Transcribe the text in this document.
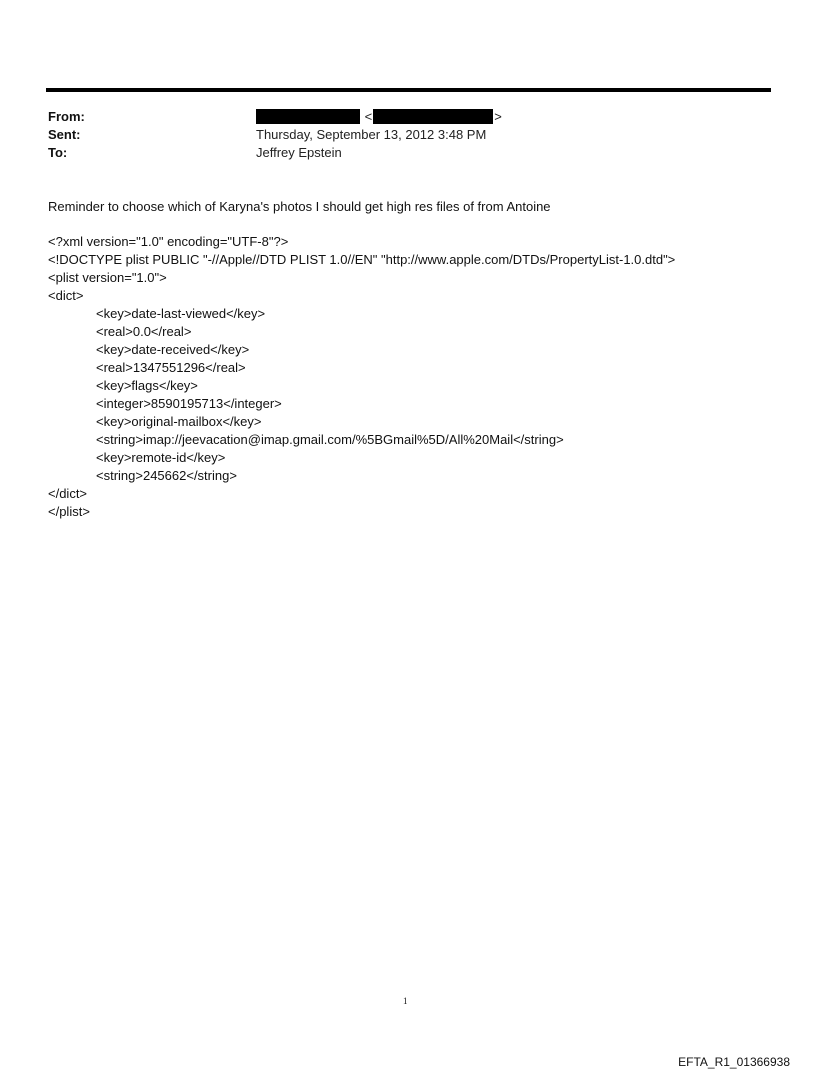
From:	<	>
Sent:	Thursday, September 13, 2012 3:48 PM
To:	Jeffrey Epstein
Reminder to choose which of Karyna's photos I should get high res files of from Antoine
<?xml version="1.0" encoding="UTF-8"?>
<!DOCTYPE plist PUBLIC "-//Apple//DTD PLIST 1.0//EN" "http://www.apple.com/DTDs/PropertyList-1.0.dtd">
<plist version="1.0">
<dict>
<key>date-last-viewed</key>
<real>0.0</real>
<key>date-received</key>
<real>1347551296</real>
<key>flags</key>
<integer>8590195713</integer>
<key>original-mailbox</key>
<string>imap://jeevacation@imap.gmail.com/%5BGmail%5D/All%20Mail</string>
<key>remote-id</key>
<string>245662</string>
</dict>
</plist>
1
EFTA_R1_01366938
